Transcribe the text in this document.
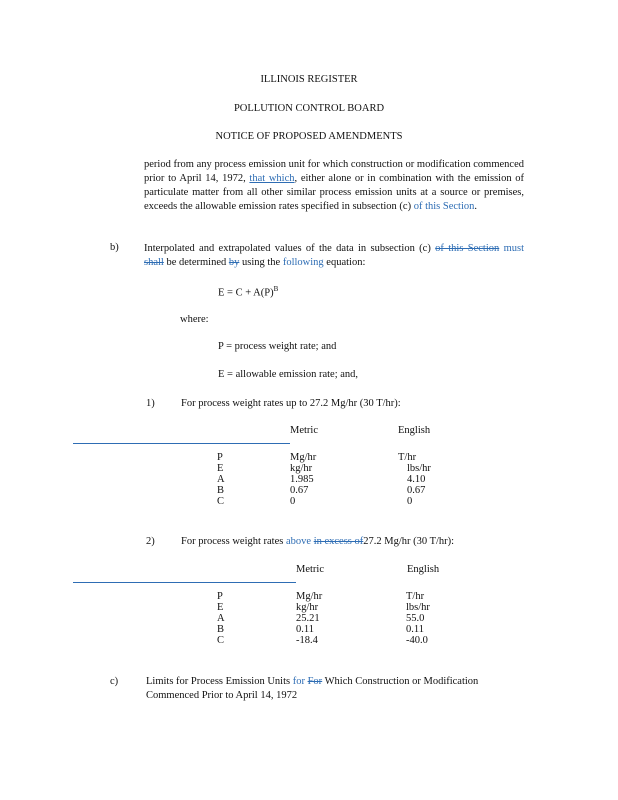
ILLINOIS REGISTER
POLLUTION CONTROL BOARD
NOTICE OF PROPOSED AMENDMENTS
period from any process emission unit for which construction or modification commenced prior to April 14, 1972, that which, either alone or in combination with the emission of particulate matter from all other similar process emission units at a source or premises, exceeds the allowable emission rates specified in subsection (c) of this Section.
b) Interpolated and extrapolated values of the data in subsection (c) of this Section must shall be determined by using the following equation:
$E = C + A(P)^B$
where:
P = process weight rate; and
E = allowable emission rate; and,
1)	For process weight rates up to 27.2 Mg/hr (30 T/hr):
Metric	English
P	Mg/hr	T/hr
E	kg/hr	lbs/hr
A	1.985	4.10
B	0.67	0.67
C	0	0
2)	For process weight rates above in excess of27.2 Mg/hr (30 T/hr):
Metric	English
P	Mg/hr	T/hr
E	kg/hr	lbs/hr
A	25.21	55.0
B	0.11	0.11
C	-18.4	-40.0
c)	Limits for Process Emission Units for For Which Construction or Modification
Commenced Prior to April 14, 1972
